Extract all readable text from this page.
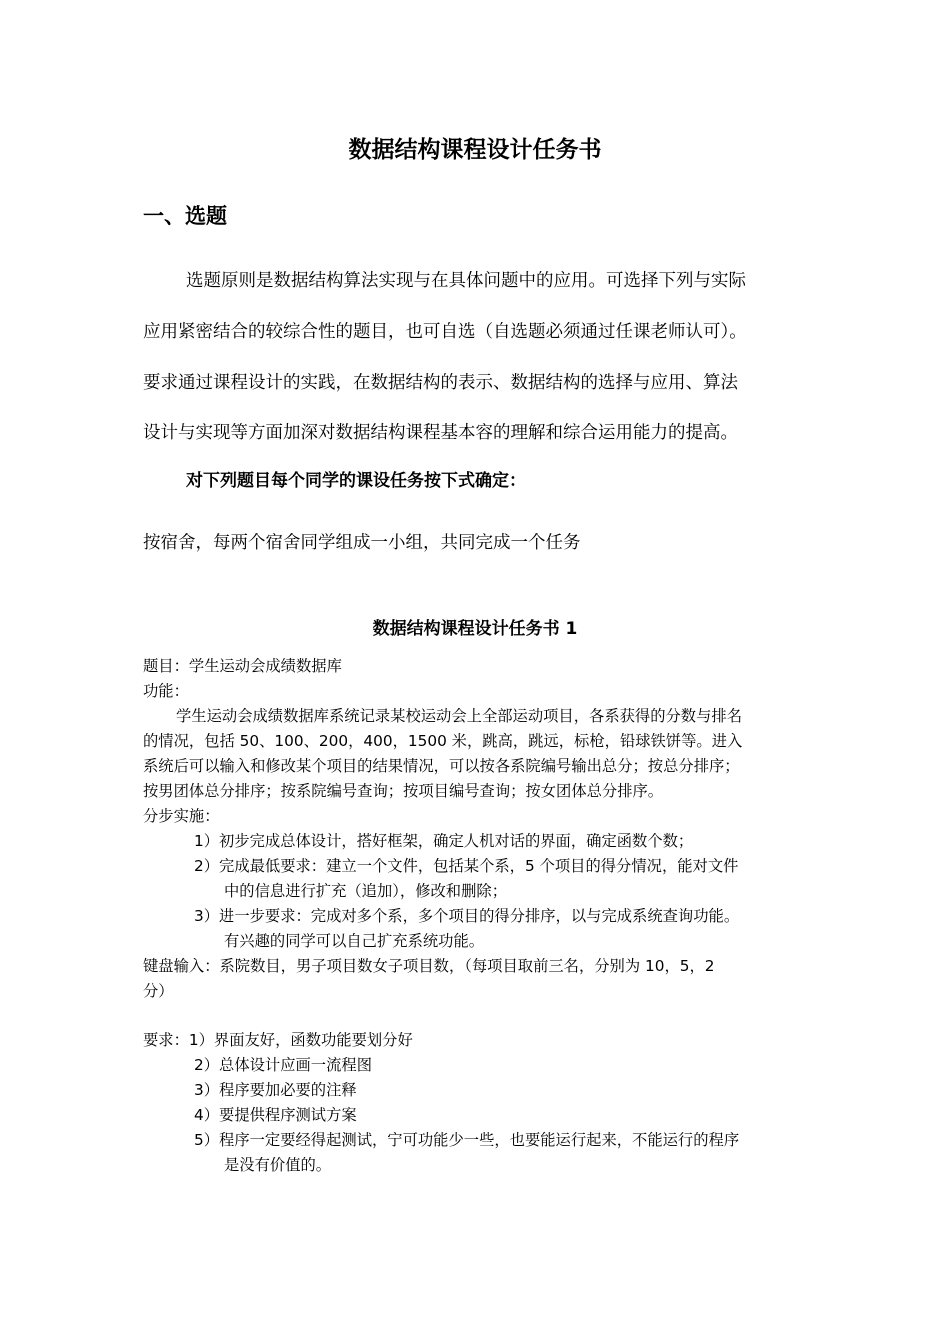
数据结构课程设计任务书
一、选题
选题原则是数据结构算法实现与在具体问题中的应用。可选择下列与实际
应用紧密结合的较综合性的题目，也可自选（自选题必须通过任课老师认可）。
要求通过课程设计的实践，在数据结构的表示、数据结构的选择与应用、算法
设计与实现等方面加深对数据结构课程基本容的理解和综合运用能力的提高。
对下列题目每个同学的课设任务按下式确定：
按宿舍，每两个宿舍同学组成一小组，共同完成一个任务
数据结构课程设计任务书 1
题目：学生运动会成绩数据库
功能：
学生运动会成绩数据库系统记录某校运动会上全部运动项目，各系获得的分数与排名
的情况，包括 50、100、200，400，1500 米，跳高，跳远，标枪，铅球铁饼等。进入
系统后可以输入和修改某个项目的结果情况，可以按各系院编号输出总分；按总分排序；
按男团体总分排序；按系院编号查询；按项目编号查询；按女团体总分排序。
分步实施：
1）初步完成总体设计，搭好框架，确定人机对话的界面，确定函数个数；
2）完成最低要求：建立一个文件，包括某个系，5 个项目的得分情况，能对文件
中的信息进行扩充（追加），修改和删除；
3）进一步要求：完成对多个系，多个项目的得分排序，以与完成系统查询功能。
有兴趣的同学可以自己扩充系统功能。
键盘输入：系院数目，男子项目数女子项目数，（每项目取前三名，分别为 10，5，2
分）
要求：1）界面友好，函数功能要划分好
2）总体设计应画一流程图
3）程序要加必要的注释
4）要提供程序测试方案
5）程序一定要经得起测试，宁可功能少一些，也要能运行起来，不能运行的程序
是没有价值的。
